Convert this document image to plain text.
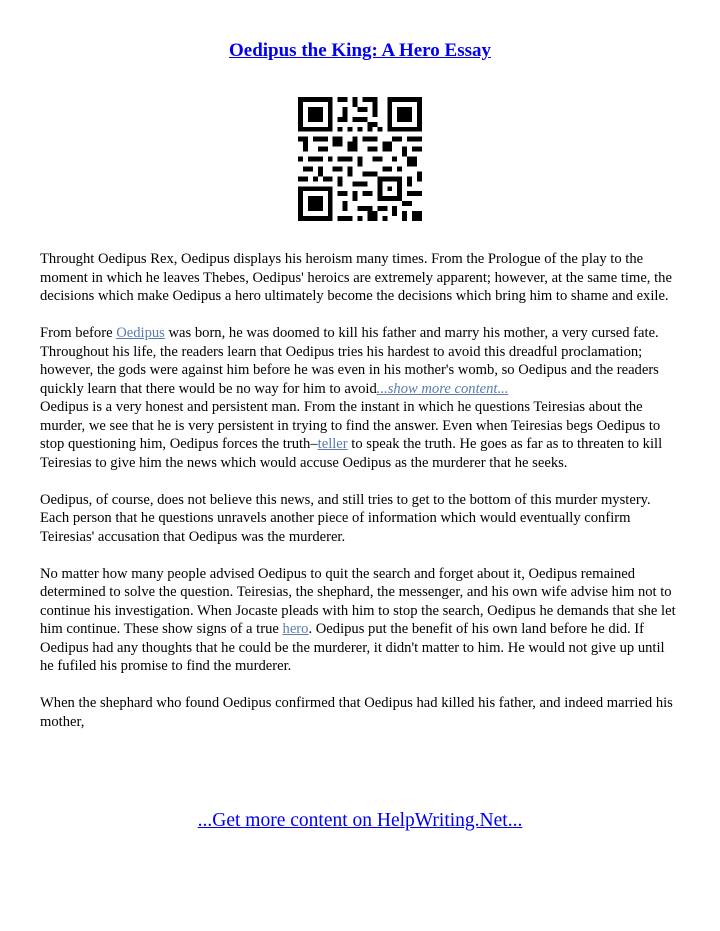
Oedipus the King: A Hero Essay

Throught Oedipus Rex, Oedipus displays his heroism many times. From the Prologue of the play to the moment in which he leaves Thebes, Oedipus' heroics are extremely apparent; however, at the same time, the decisions which make Oedipus a hero ultimately become the decisions which bring him to shame and exile.

From before Oedipus was born, he was doomed to kill his father and marry his mother, a very cursed fate. Throughout his life, the readers learn that Oedipus tries his hardest to avoid this dreadful proclamation; however, the gods were against him before he was even in his mother's womb, so Oedipus and the readers quickly learn that there would be no way for him to avoid...show more content...

Oedipus is a very honest and persistent man. From the instant in which he questions Teiresias about the murder, we see that he is very persistent in trying to find the answer. Even when Teiresias begs Oedipus to stop questioning him, Oedipus forces the truth–teller to speak the truth. He goes as far as to threaten to kill Teiresias to give him the news which would accuse Oedipus as the murderer that he seeks.

Oedipus, of course, does not believe this news, and still tries to get to the bottom of this murder mystery. Each person that he questions unravels another piece of information which would eventually confirm Teiresias' accusation that Oedipus was the murderer.

No matter how many people advised Oedipus to quit the search and forget about it, Oedipus remained determined to solve the question. Teiresias, the shephard, the messenger, and his own wife advise him not to continue his investigation. When Jocaste pleads with him to stop the search, Oedipus he demands that she let him continue. These show signs of a true hero. Oedipus put the benefit of his own land before he did. If Oedipus had any thoughts that he could be the murderer, it didn't matter to him. He would not give up until he fufiled his promise to find the murderer.

When the shephard who found Oedipus confirmed that Oedipus had killed his father, and indeed married his mother,

...Get more content on HelpWriting.Net...
